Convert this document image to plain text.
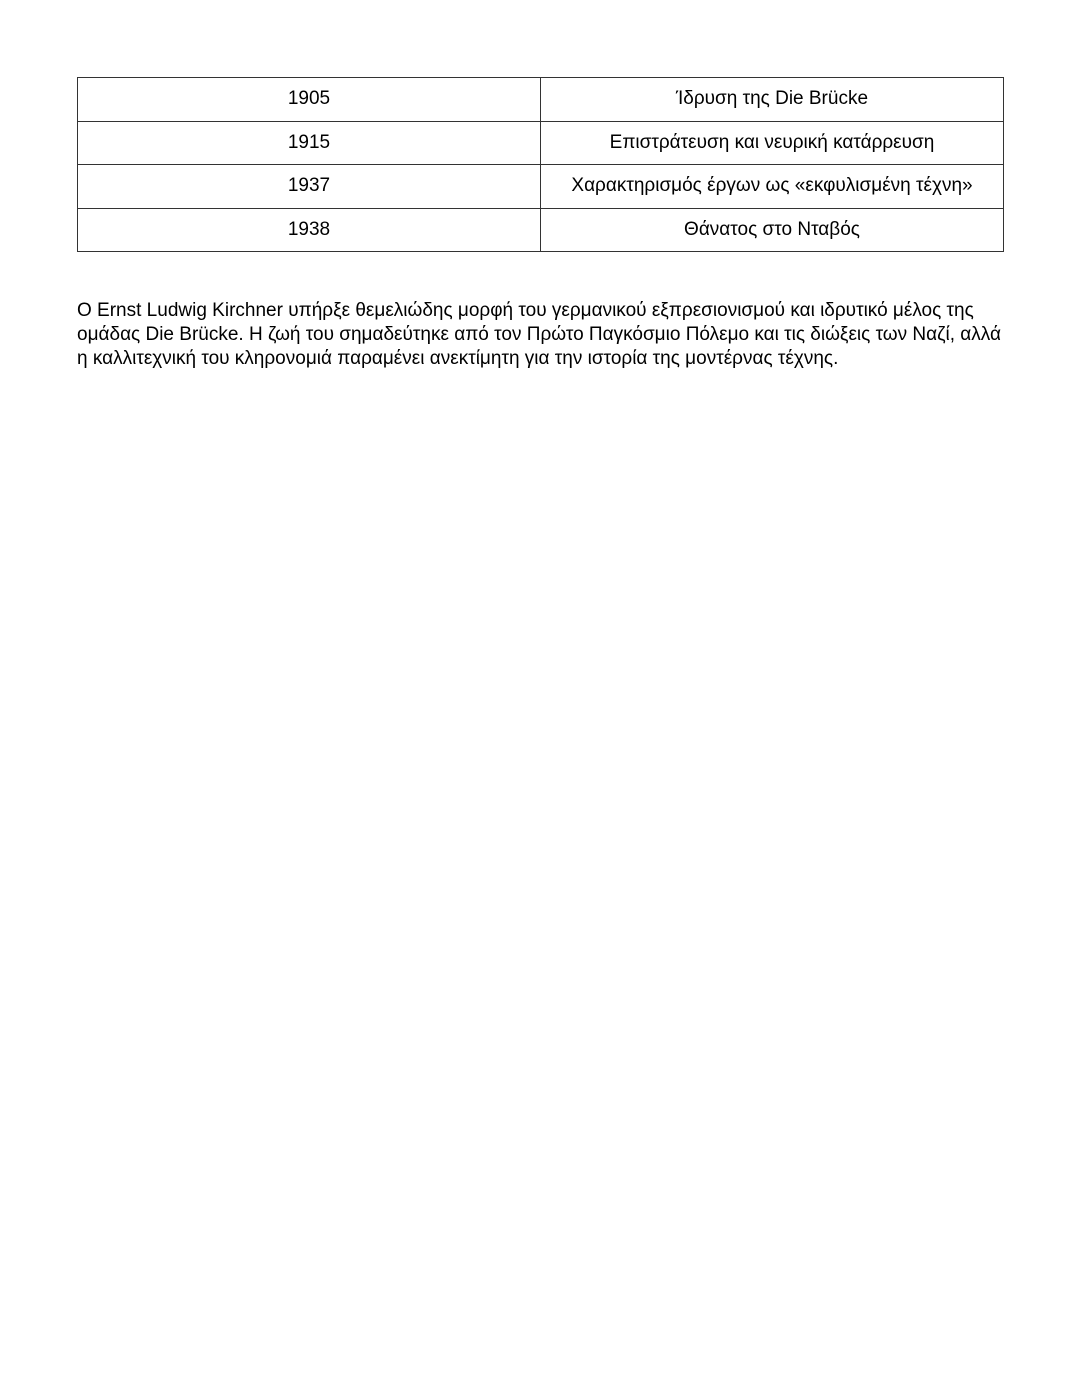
1905	Ίδρυση της Die Brücke
1915	Επιστράτευση και νευρική κατάρρευση
1937	Χαρακτηρισμός έργων ως «εκφυλισμένη τέχνη»
1938	Θάνατος στο Νταβός

Ο Ernst Ludwig Kirchner υπήρξε θεμελιώδης μορφή του γερμανικού εξπρεσιονισμού και ιδρυτικό μέλος της ομάδας Die Brücke. Η ζωή του σημαδεύτηκε από τον Πρώτο Παγκόσμιο Πόλεμο και τις διώξεις των Ναζί, αλλά η καλλιτεχνική του κληρονομιά παραμένει ανεκτίμητη για την ιστορία της μοντέρνας τέχνης.
